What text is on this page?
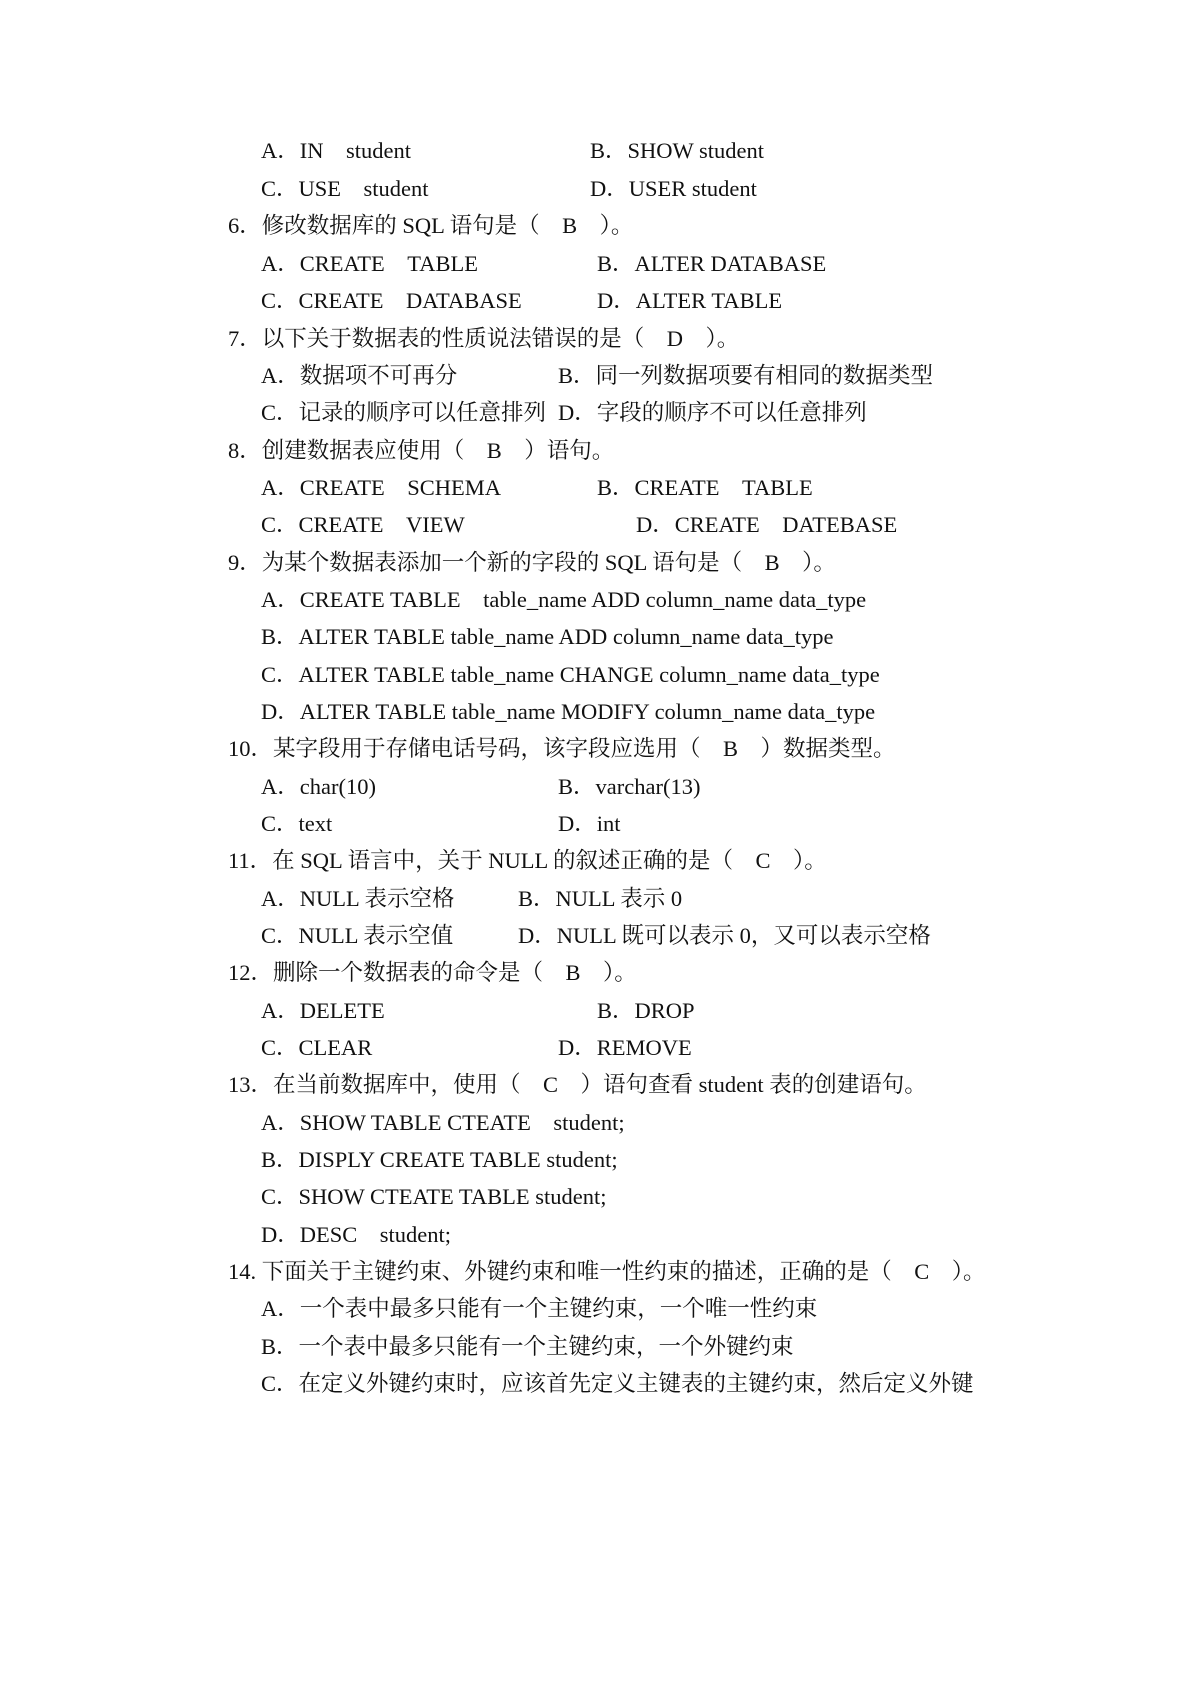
A．IN　student	B．SHOW student
C．USE　student	D．USER student
6．修改数据库的 SQL 语句是（　B　）。
A．CREATE　TABLE	B．ALTER DATABASE
C．CREATE　DATABASE	D．ALTER TABLE
7．以下关于数据表的性质说法错误的是（　D　）。
A．数据项不可再分	B．同一列数据项要有相同的数据类型
C．记录的顺序可以任意排列 D．字段的顺序不可以任意排列
8．创建数据表应使用（　B　）语句。
A．CREATE　SCHEMA	B．CREATE　TABLE
C．CREATE　VIEW	D．CREATE　DATEBASE
9．为某个数据表添加一个新的字段的 SQL 语句是（　B　）。
A．CREATE TABLE　table_name ADD column_name data_type
B．ALTER TABLE table_name ADD column_name data_type
C．ALTER TABLE table_name CHANGE column_name data_type
D．ALTER TABLE table_name MODIFY column_name data_type
10．某字段用于存储电话号码，该字段应选用（　B　）数据类型。
A．char(10)	B．varchar(13)
C．text	D．int
11．在 SQL 语言中，关于 NULL 的叙述正确的是（　C　）。
A．NULL 表示空格	B．NULL 表示 0
C．NULL 表示空值	D．NULL 既可以表示 0，又可以表示空格
12．删除一个数据表的命令是（　B　）。
A．DELETE	B．DROP
C．CLEAR	D．REMOVE
13．在当前数据库中，使用（　C　）语句查看 student 表的创建语句。
A．SHOW TABLE CTEATE　student;
B．DISPLY CREATE TABLE student;
C．SHOW CTEATE TABLE student;
D．DESC　student;
14. 下面关于主键约束、外键约束和唯一性约束的描述，正确的是（　C　）。
A．一个表中最多只能有一个主键约束，一个唯一性约束
B．一个表中最多只能有一个主键约束，一个外键约束
C．在定义外键约束时，应该首先定义主键表的主键约束，然后定义外键
